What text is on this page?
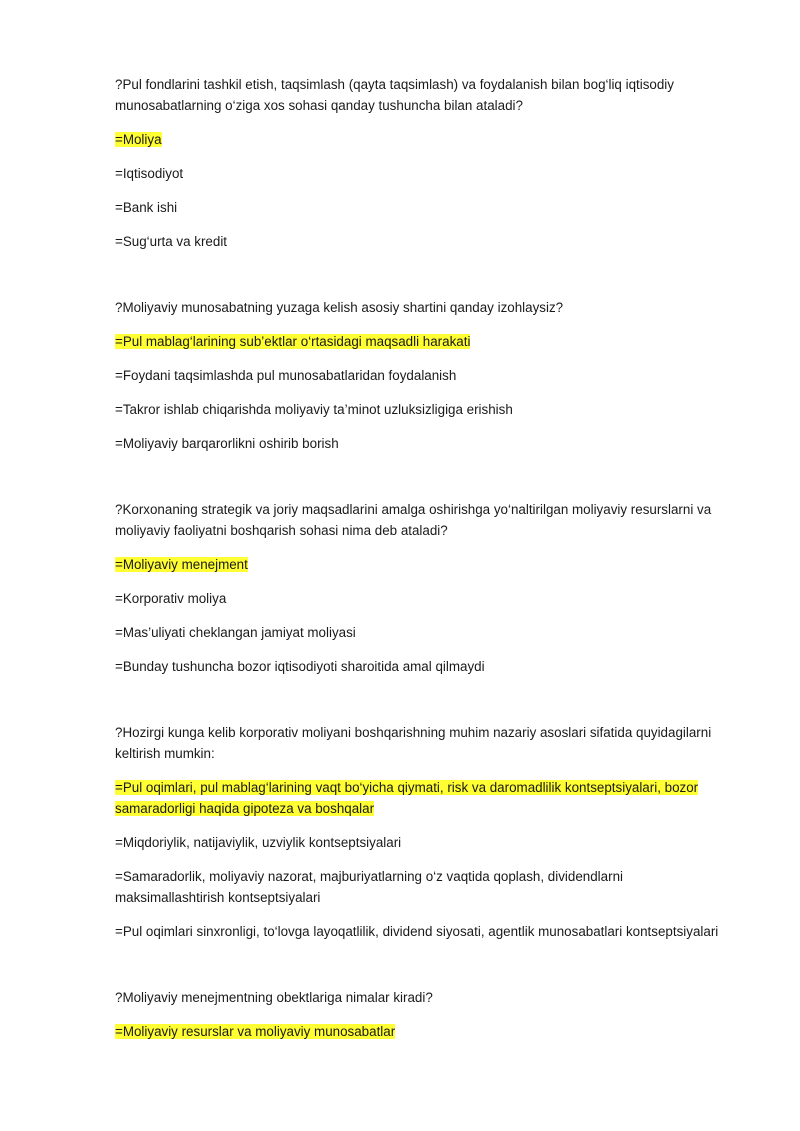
?Pul fondlarini tashkil etish, taqsimlash (qayta taqsimlash) va foydalanish bilan bog‘liq iqtisodiy munosabatlarning o‘ziga xos sohasi qanday tushuncha bilan ataladi?

=Moliya

=Iqtisodiyot

=Bank ishi

=Sug‘urta va kredit

?Moliyaviy munosabatning yuzaga kelish asosiy shartini qanday izohlaysiz?

=Pul mablag‘larining sub’ektlar o‘rtasidagi maqsadli harakati

=Foydani taqsimlashda pul munosabatlaridan foydalanish

=Takror ishlab chiqarishda moliyaviy ta’minot uzluksizligiga erishish

=Moliyaviy barqarorlikni oshirib borish

?Korxonaning strategik va joriy maqsadlarini amalga oshirishga yo‘naltirilgan moliyaviy resurslarni va moliyaviy faoliyatni boshqarish sohasi nima deb ataladi?

=Moliyaviy menejment

=Korporativ moliya

=Mas’uliyati cheklangan jamiyat moliyasi

=Bunday tushuncha bozor iqtisodiyoti sharoitida amal qilmaydi

?Hozirgi kunga kelib korporativ moliyani boshqarishning muhim nazariy asoslari sifatida quyidagilarni keltirish mumkin:

=Pul oqimlari, pul mablag‘larining vaqt bo‘yicha qiymati, risk va daromadlilik kontseptsiyalari, bozor samaradorligi haqida gipoteza va boshqalar

=Miqdoriylik, natijaviylik, uzviylik kontseptsiyalari

=Samaradorlik, moliyaviy nazorat, majburiyatlarning o‘z vaqtida qoplash, dividendlarni maksimallashtirish kontseptsiyalari

=Pul oqimlari sinxronligi, to‘lovga layoqatlilik, dividend siyosati, agentlik munosabatlari kontseptsiyalari

?Moliyaviy menejmentning obektlariga nimalar kiradi?

=Moliyaviy resurslar va moliyaviy munosabatlar
